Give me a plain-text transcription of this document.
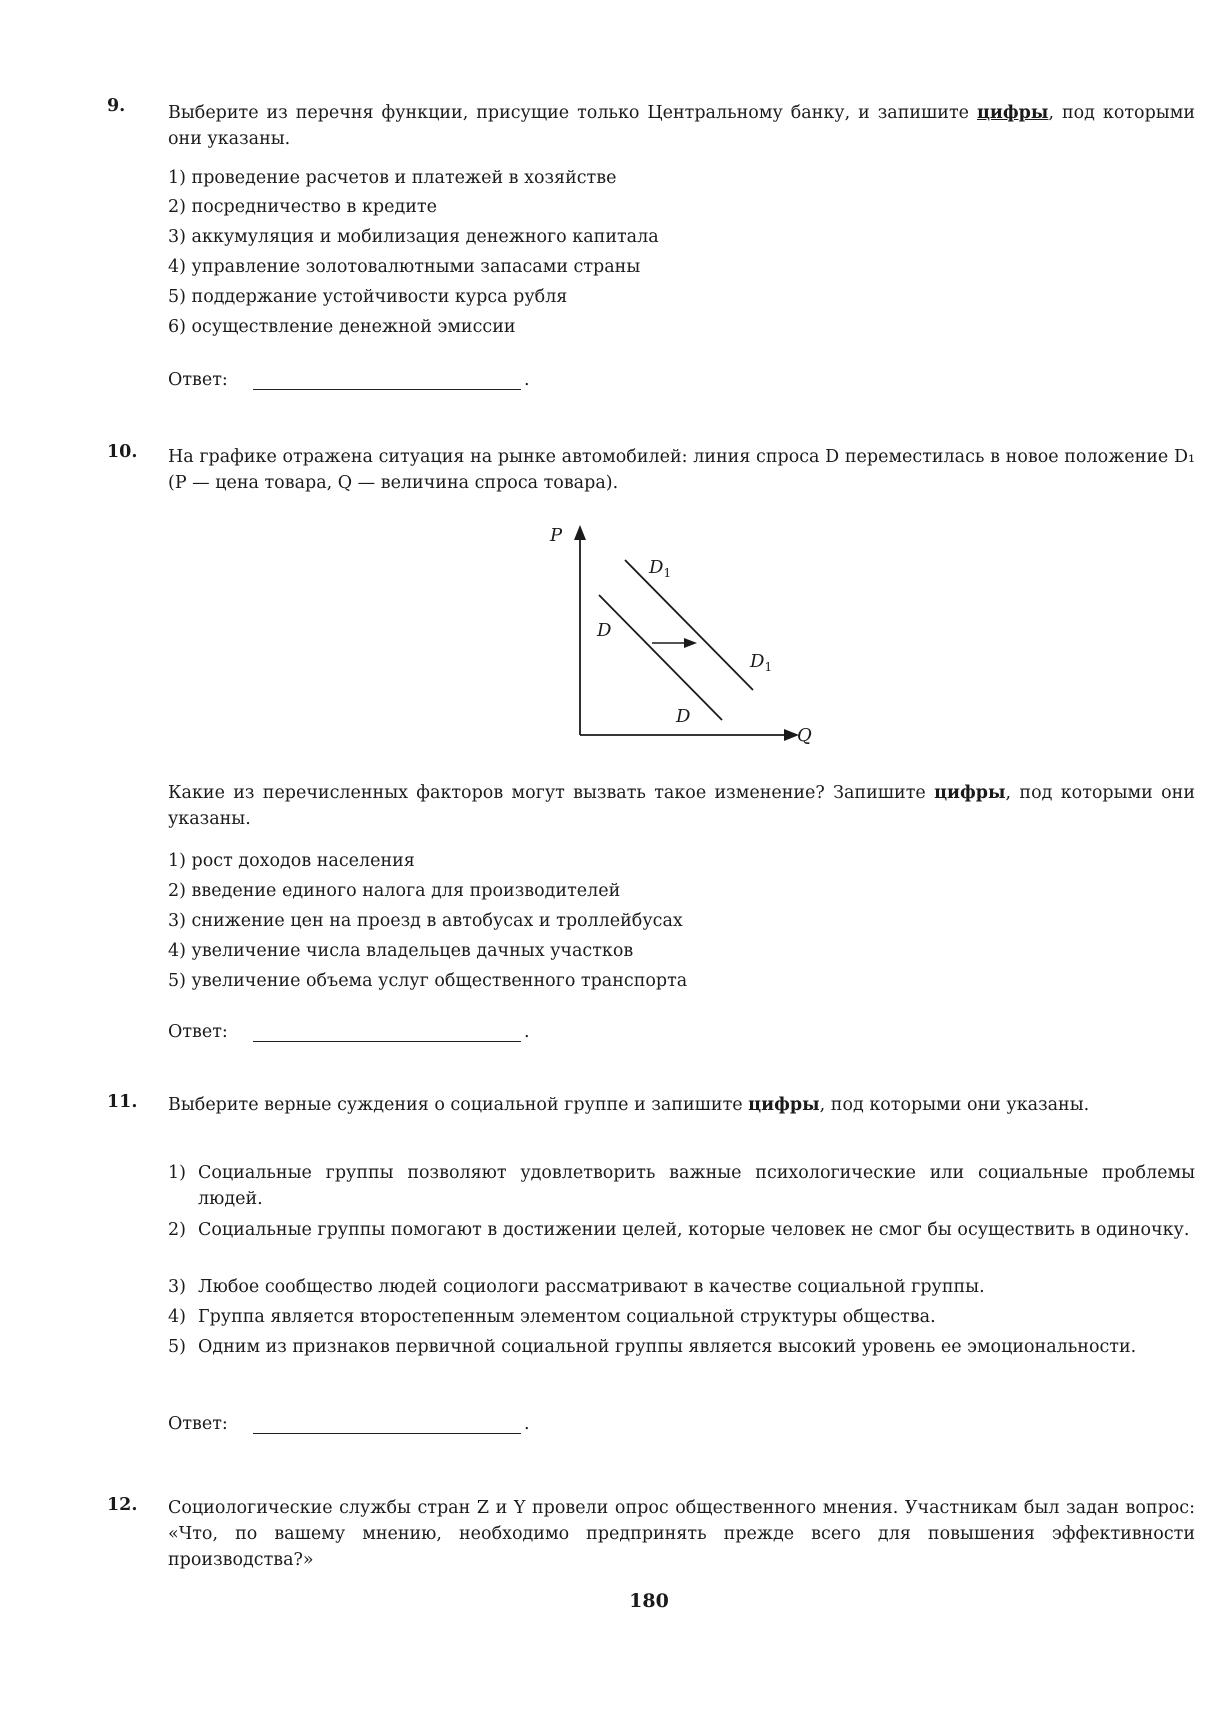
9. Выберите из перечня функции, присущие только Центральному банку, и запишите цифры, под которыми они указаны.
1) проведение расчетов и платежей в хозяйстве
2) посредничество в кредите
3) аккумуляция и мобилизация денежного капитала
4) управление золотовалютными запасами страны
5) поддержание устойчивости курса рубля
6) осуществление денежной эмиссии
Ответ:	.
10. На графике отражена ситуация на рынке автомобилей: линия спроса D переместилась в новое положение D₁ (P — цена товара, Q — величина спроса товара).
P
Q
D
D
$D_1$
$D_1$
Какие из перечисленных факторов могут вызвать такое изменение? Запишите цифры, под которыми они указаны.
1) рост доходов населения
2) введение единого налога для производителей
3) снижение цен на проезд в автобусах и троллейбусах
4) увеличение числа владельцев дачных участков
5) увеличение объема услуг общественного транспорта
Ответ:	.
11. Выберите верные суждения о социальной группе и запишите цифры, под которыми они указаны.
1) Социальные группы позволяют удовлетворить важные психологические или социальные проблемы людей.
2) Социальные группы помогают в достижении целей, которые человек не смог бы осуществить в одиночку.
3) Любое сообщество людей социологи рассматривают в качестве социальной группы.
4) Группа является второстепенным элементом социальной структуры общества.
5) Одним из признаков первичной социальной группы является высокий уровень ее эмоциональности.
Ответ:	.
12. Социологические службы стран Z и Y провели опрос общественного мнения. Участникам был задан вопрос: «Что, по вашему мнению, необходимо предпринять прежде всего для повышения эффективности производства?»
180
